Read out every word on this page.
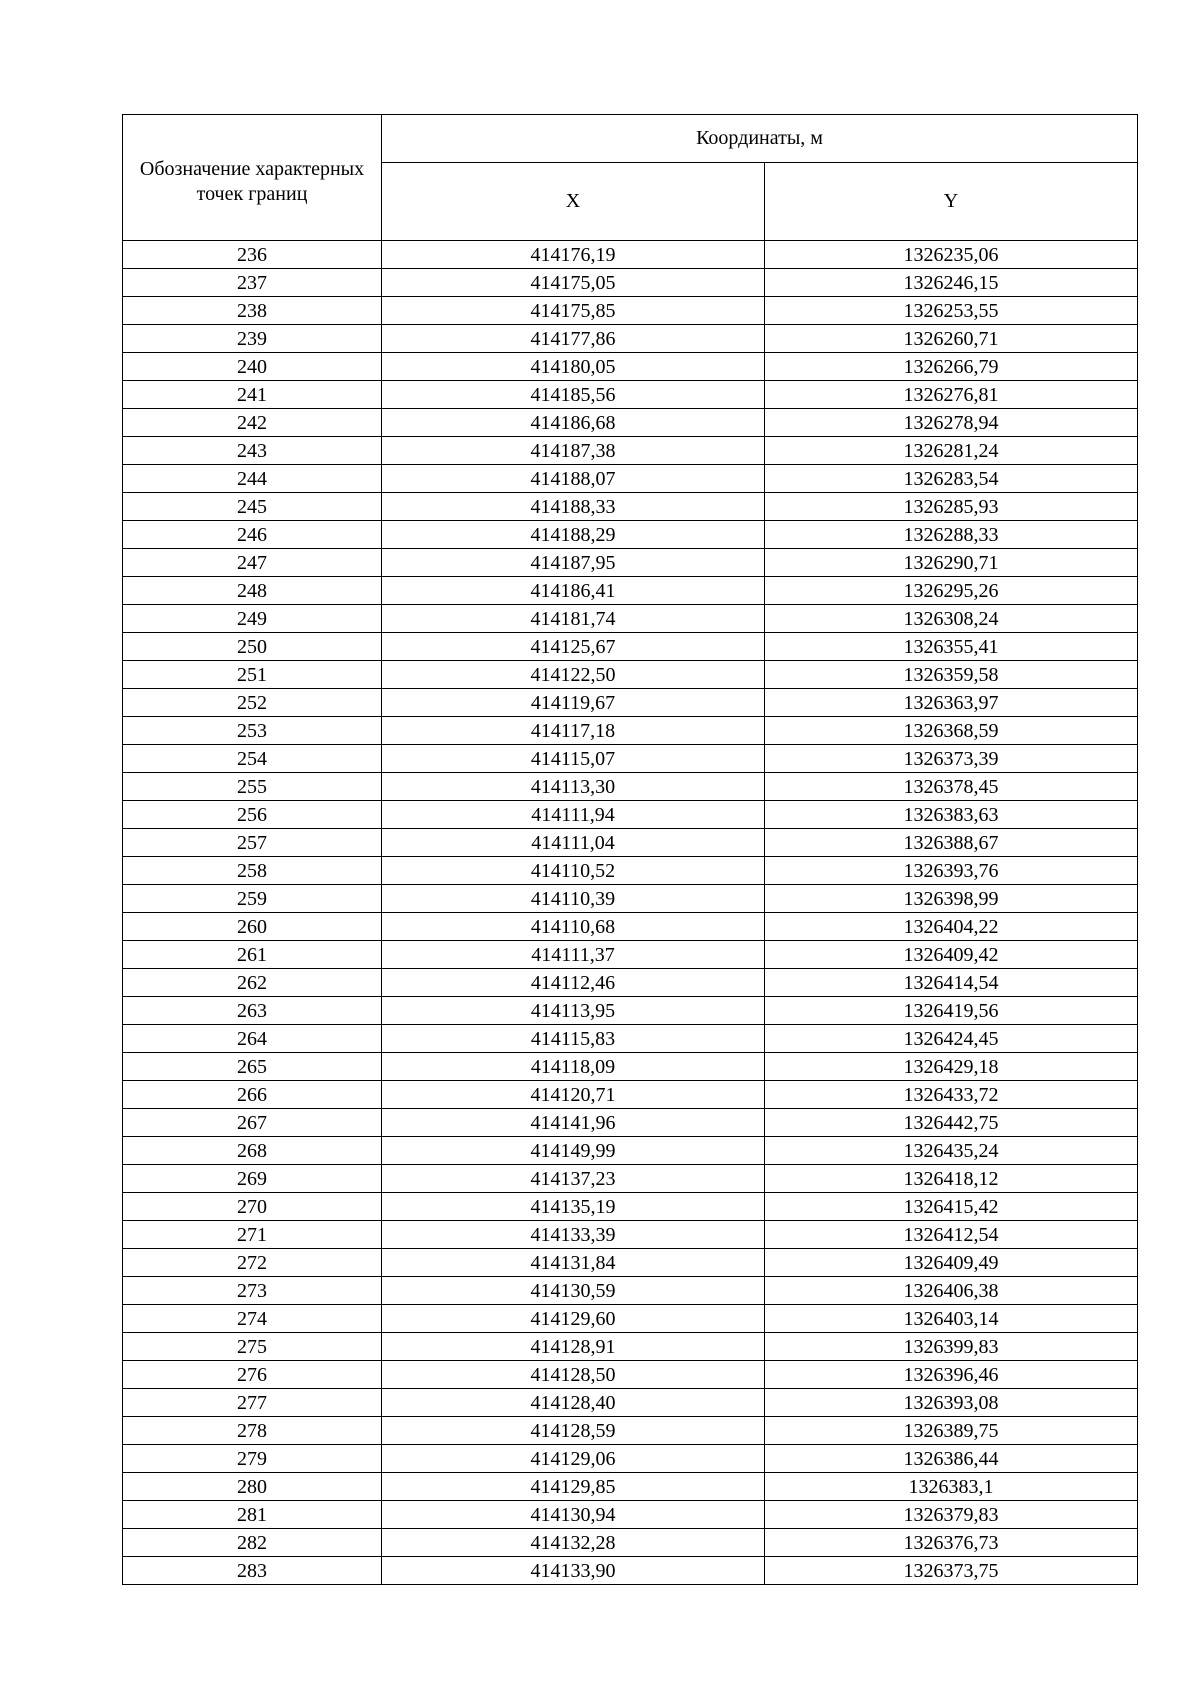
Обозначение характерных точек границ	Координаты, м	
	X	Y
236	414176,19	1326235,06
237	414175,05	1326246,15
238	414175,85	1326253,55
239	414177,86	1326260,71
240	414180,05	1326266,79
241	414185,56	1326276,81
242	414186,68	1326278,94
243	414187,38	1326281,24
244	414188,07	1326283,54
245	414188,33	1326285,93
246	414188,29	1326288,33
247	414187,95	1326290,71
248	414186,41	1326295,26
249	414181,74	1326308,24
250	414125,67	1326355,41
251	414122,50	1326359,58
252	414119,67	1326363,97
253	414117,18	1326368,59
254	414115,07	1326373,39
255	414113,30	1326378,45
256	414111,94	1326383,63
257	414111,04	1326388,67
258	414110,52	1326393,76
259	414110,39	1326398,99
260	414110,68	1326404,22
261	414111,37	1326409,42
262	414112,46	1326414,54
263	414113,95	1326419,56
264	414115,83	1326424,45
265	414118,09	1326429,18
266	414120,71	1326433,72
267	414141,96	1326442,75
268	414149,99	1326435,24
269	414137,23	1326418,12
270	414135,19	1326415,42
271	414133,39	1326412,54
272	414131,84	1326409,49
273	414130,59	1326406,38
274	414129,60	1326403,14
275	414128,91	1326399,83
276	414128,50	1326396,46
277	414128,40	1326393,08
278	414128,59	1326389,75
279	414129,06	1326386,44
280	414129,85	1326383,1
281	414130,94	1326379,83
282	414132,28	1326376,73
283	414133,90	1326373,75
